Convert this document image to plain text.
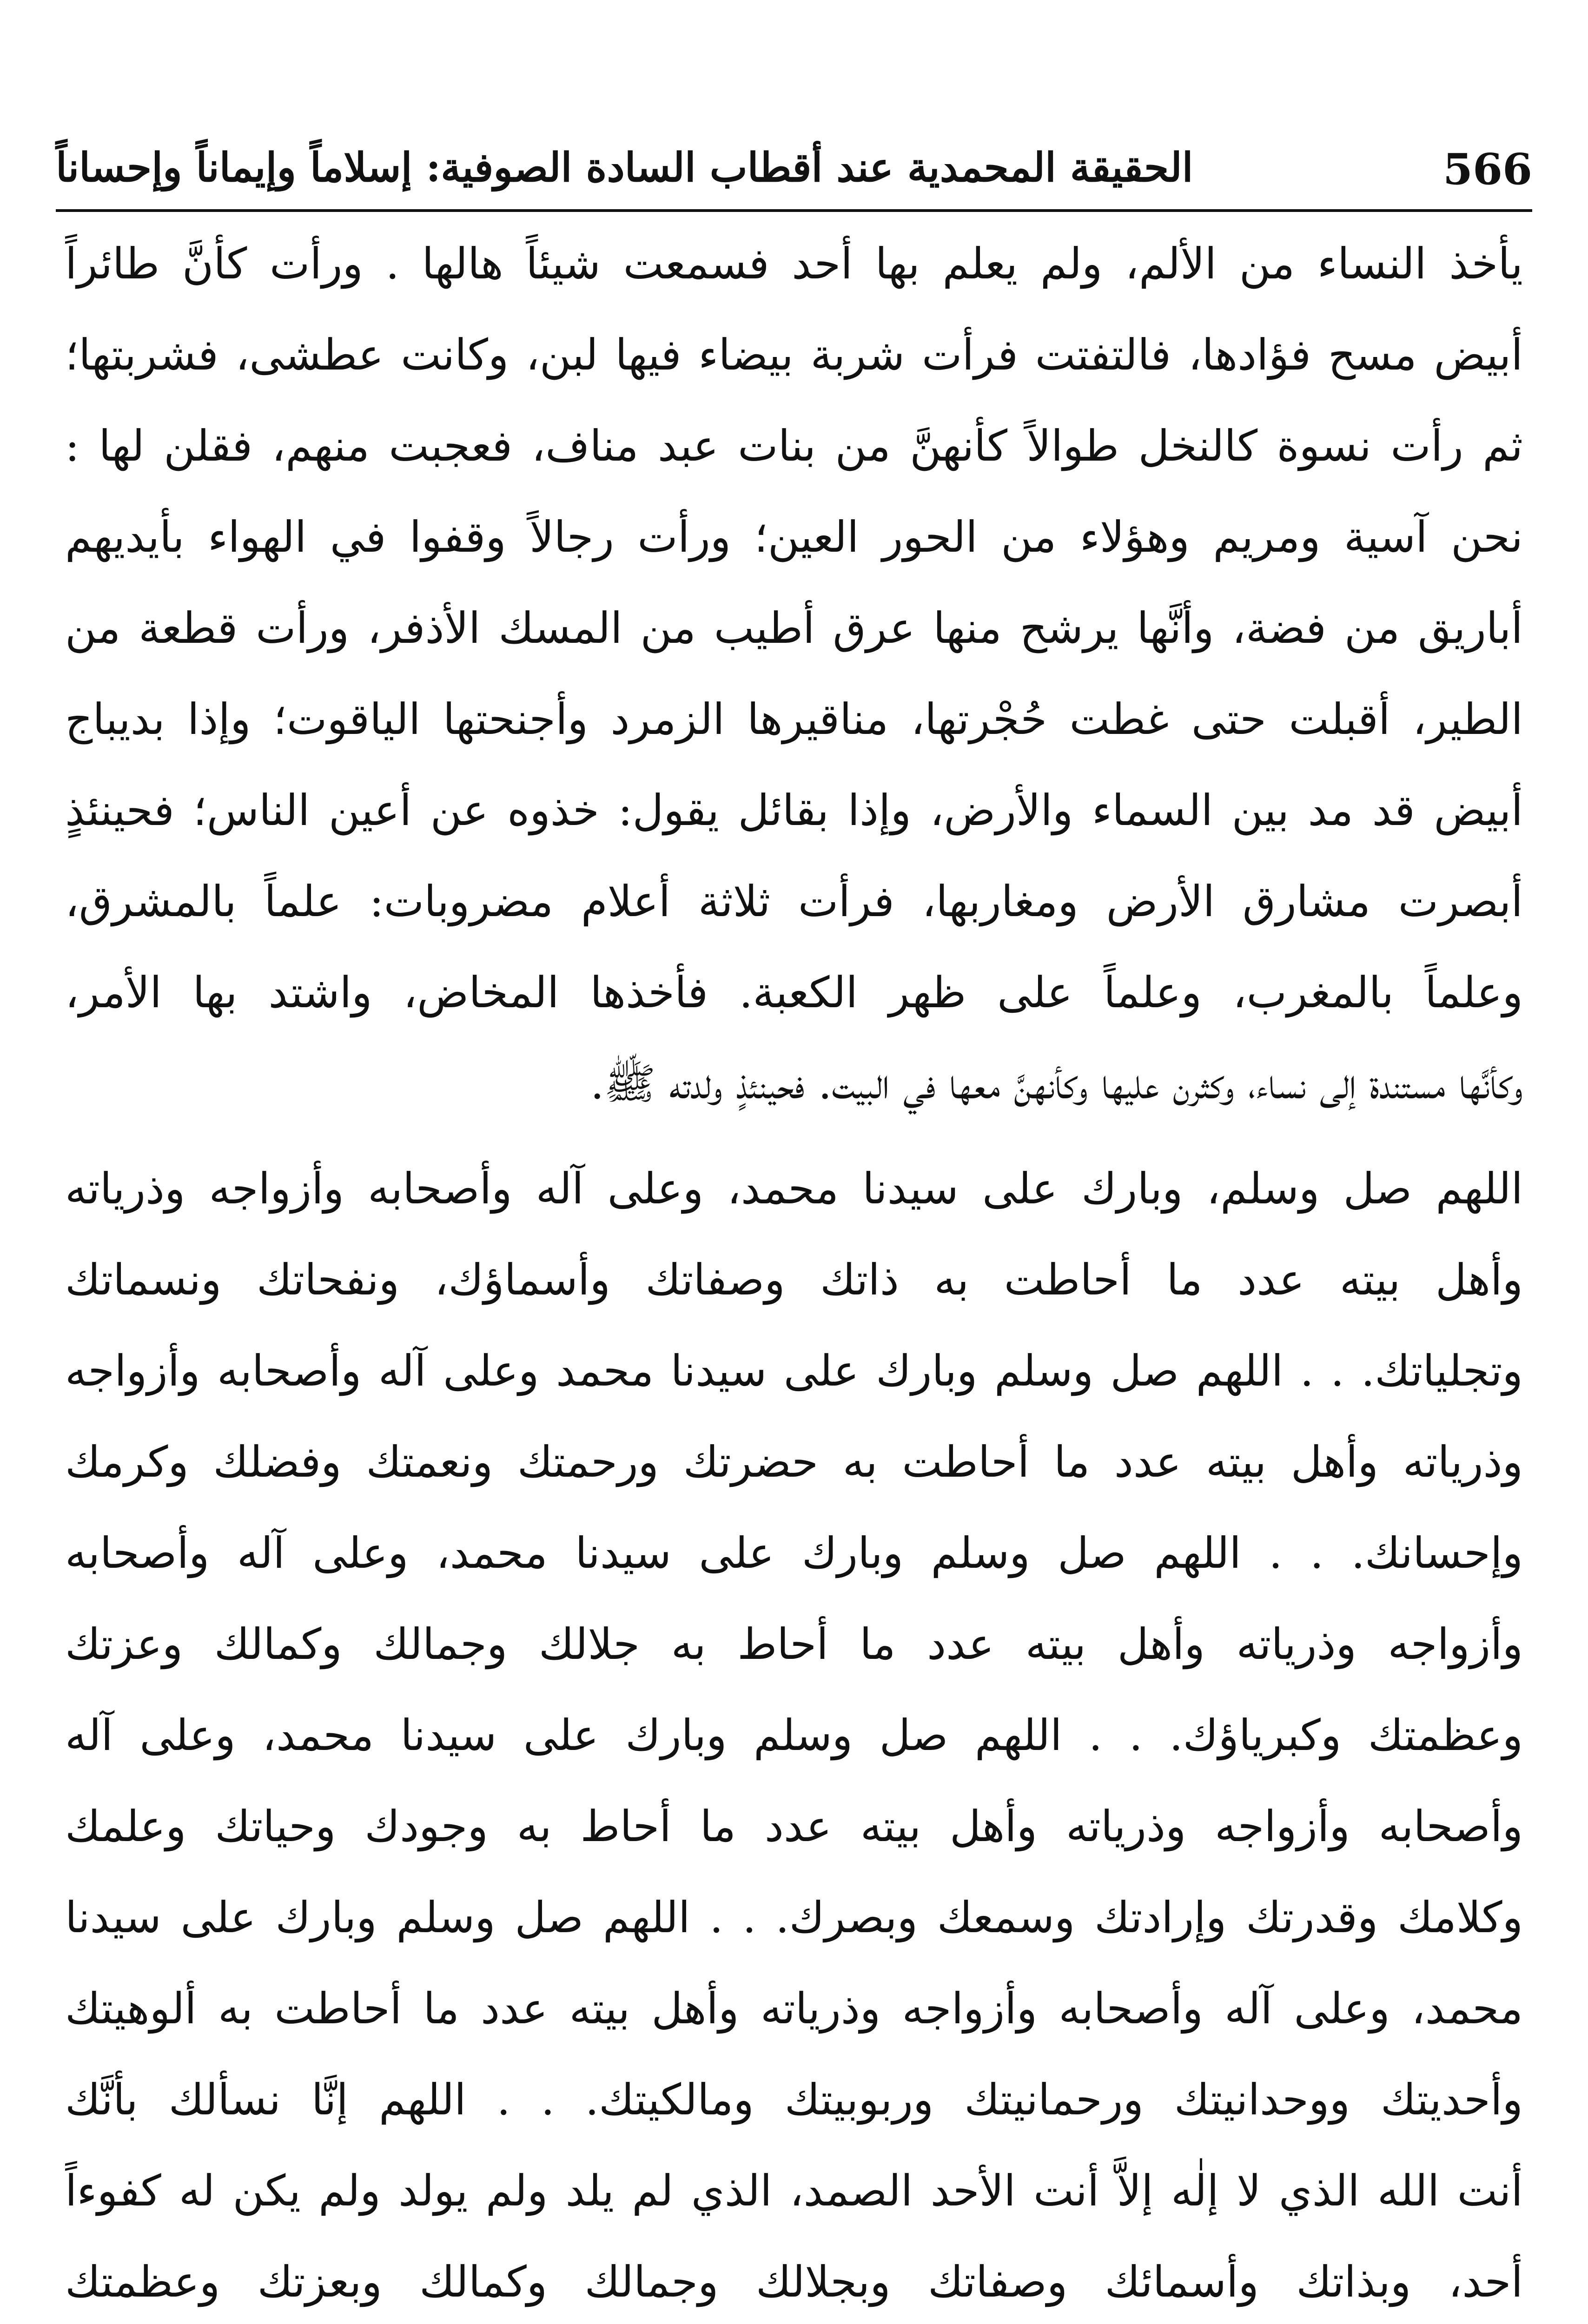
566
الحقيقة المحمدية عند أقطاب السادة الصوفية: إسلاماً وإيماناً وإحساناً
يأخذ النساء من الألم، ولم يعلم بها أحد فسمعت شيئاً هالها . ورأت كأنَّ طائراً
أبيض مسح فؤادها، فالتفتت فرأت شربة بيضاء فيها لبن، وكانت عطشى، فشربتها؛
ثم رأت نسوة كالنخل طوالاً كأنهنَّ من بنات عبد مناف، فعجبت منهم، فقلن لها :
نحن آسية ومريم وهؤلاء من الحور العين؛ ورأت رجالاً وقفوا في الهواء بأيديهم
أباريق من فضة، وأنَّها يرشح منها عرق أطيب من المسك الأذفر، ورأت قطعة من
الطير، أقبلت حتى غطت حُجْرتها، مناقيرها الزمرد وأجنحتها الياقوت؛ وإذا بديباج
أبيض قد مد بين السماء والأرض، وإذا بقائل يقول: خذوه عن أعين الناس؛ فحينئذٍ
أبصرت مشارق الأرض ومغاربها، فرأت ثلاثة أعلام مضروبات: علماً بالمشرق،
وعلماً بالمغرب، وعلماً على ظهر الكعبة. فأخذها المخاض، واشتد بها الأمر،
وكأنَّها مستندة إلى نساء، وكثرن عليها وكأنهنَّ معها في البيت. فحينئذٍ ولدته ﷺ.
اللهم صل وسلم، وبارك على سيدنا محمد، وعلى آله وأصحابه وأزواجه وذرياته
وأهل بيته عدد ما أحاطت به ذاتك وصفاتك وأسماؤك، ونفحاتك ونسماتك
وتجلياتك. . . اللهم صل وسلم وبارك على سيدنا محمد وعلى آله وأصحابه وأزواجه
وذرياته وأهل بيته عدد ما أحاطت به حضرتك ورحمتك ونعمتك وفضلك وكرمك
وإحسانك. . . اللهم صل وسلم وبارك على سيدنا محمد، وعلى آله وأصحابه
وأزواجه وذرياته وأهل بيته عدد ما أحاط به جلالك وجمالك وكمالك وعزتك
وعظمتك وكبرياؤك. . . اللهم صل وسلم وبارك على سيدنا محمد، وعلى آله
وأصحابه وأزواجه وذرياته وأهل بيته عدد ما أحاط به وجودك وحياتك وعلمك
وكلامك وقدرتك وإرادتك وسمعك وبصرك. . . اللهم صل وسلم وبارك على سيدنا
محمد، وعلى آله وأصحابه وأزواجه وذرياته وأهل بيته عدد ما أحاطت به ألوهيتك
وأحديتك ووحدانيتك ورحمانيتك وربوبيتك ومالكيتك. . . اللهم إنَّا نسألك بأنَّك
أنت الله الذي لا إلٰه إلاَّ أنت الأحد الصمد، الذي لم يلد ولم يولد ولم يكن له كفوءاً
أحد، وبذاتك وأسمائك وصفاتك وبجلالك وجمالك وكمالك وبعزتك وعظمتك
